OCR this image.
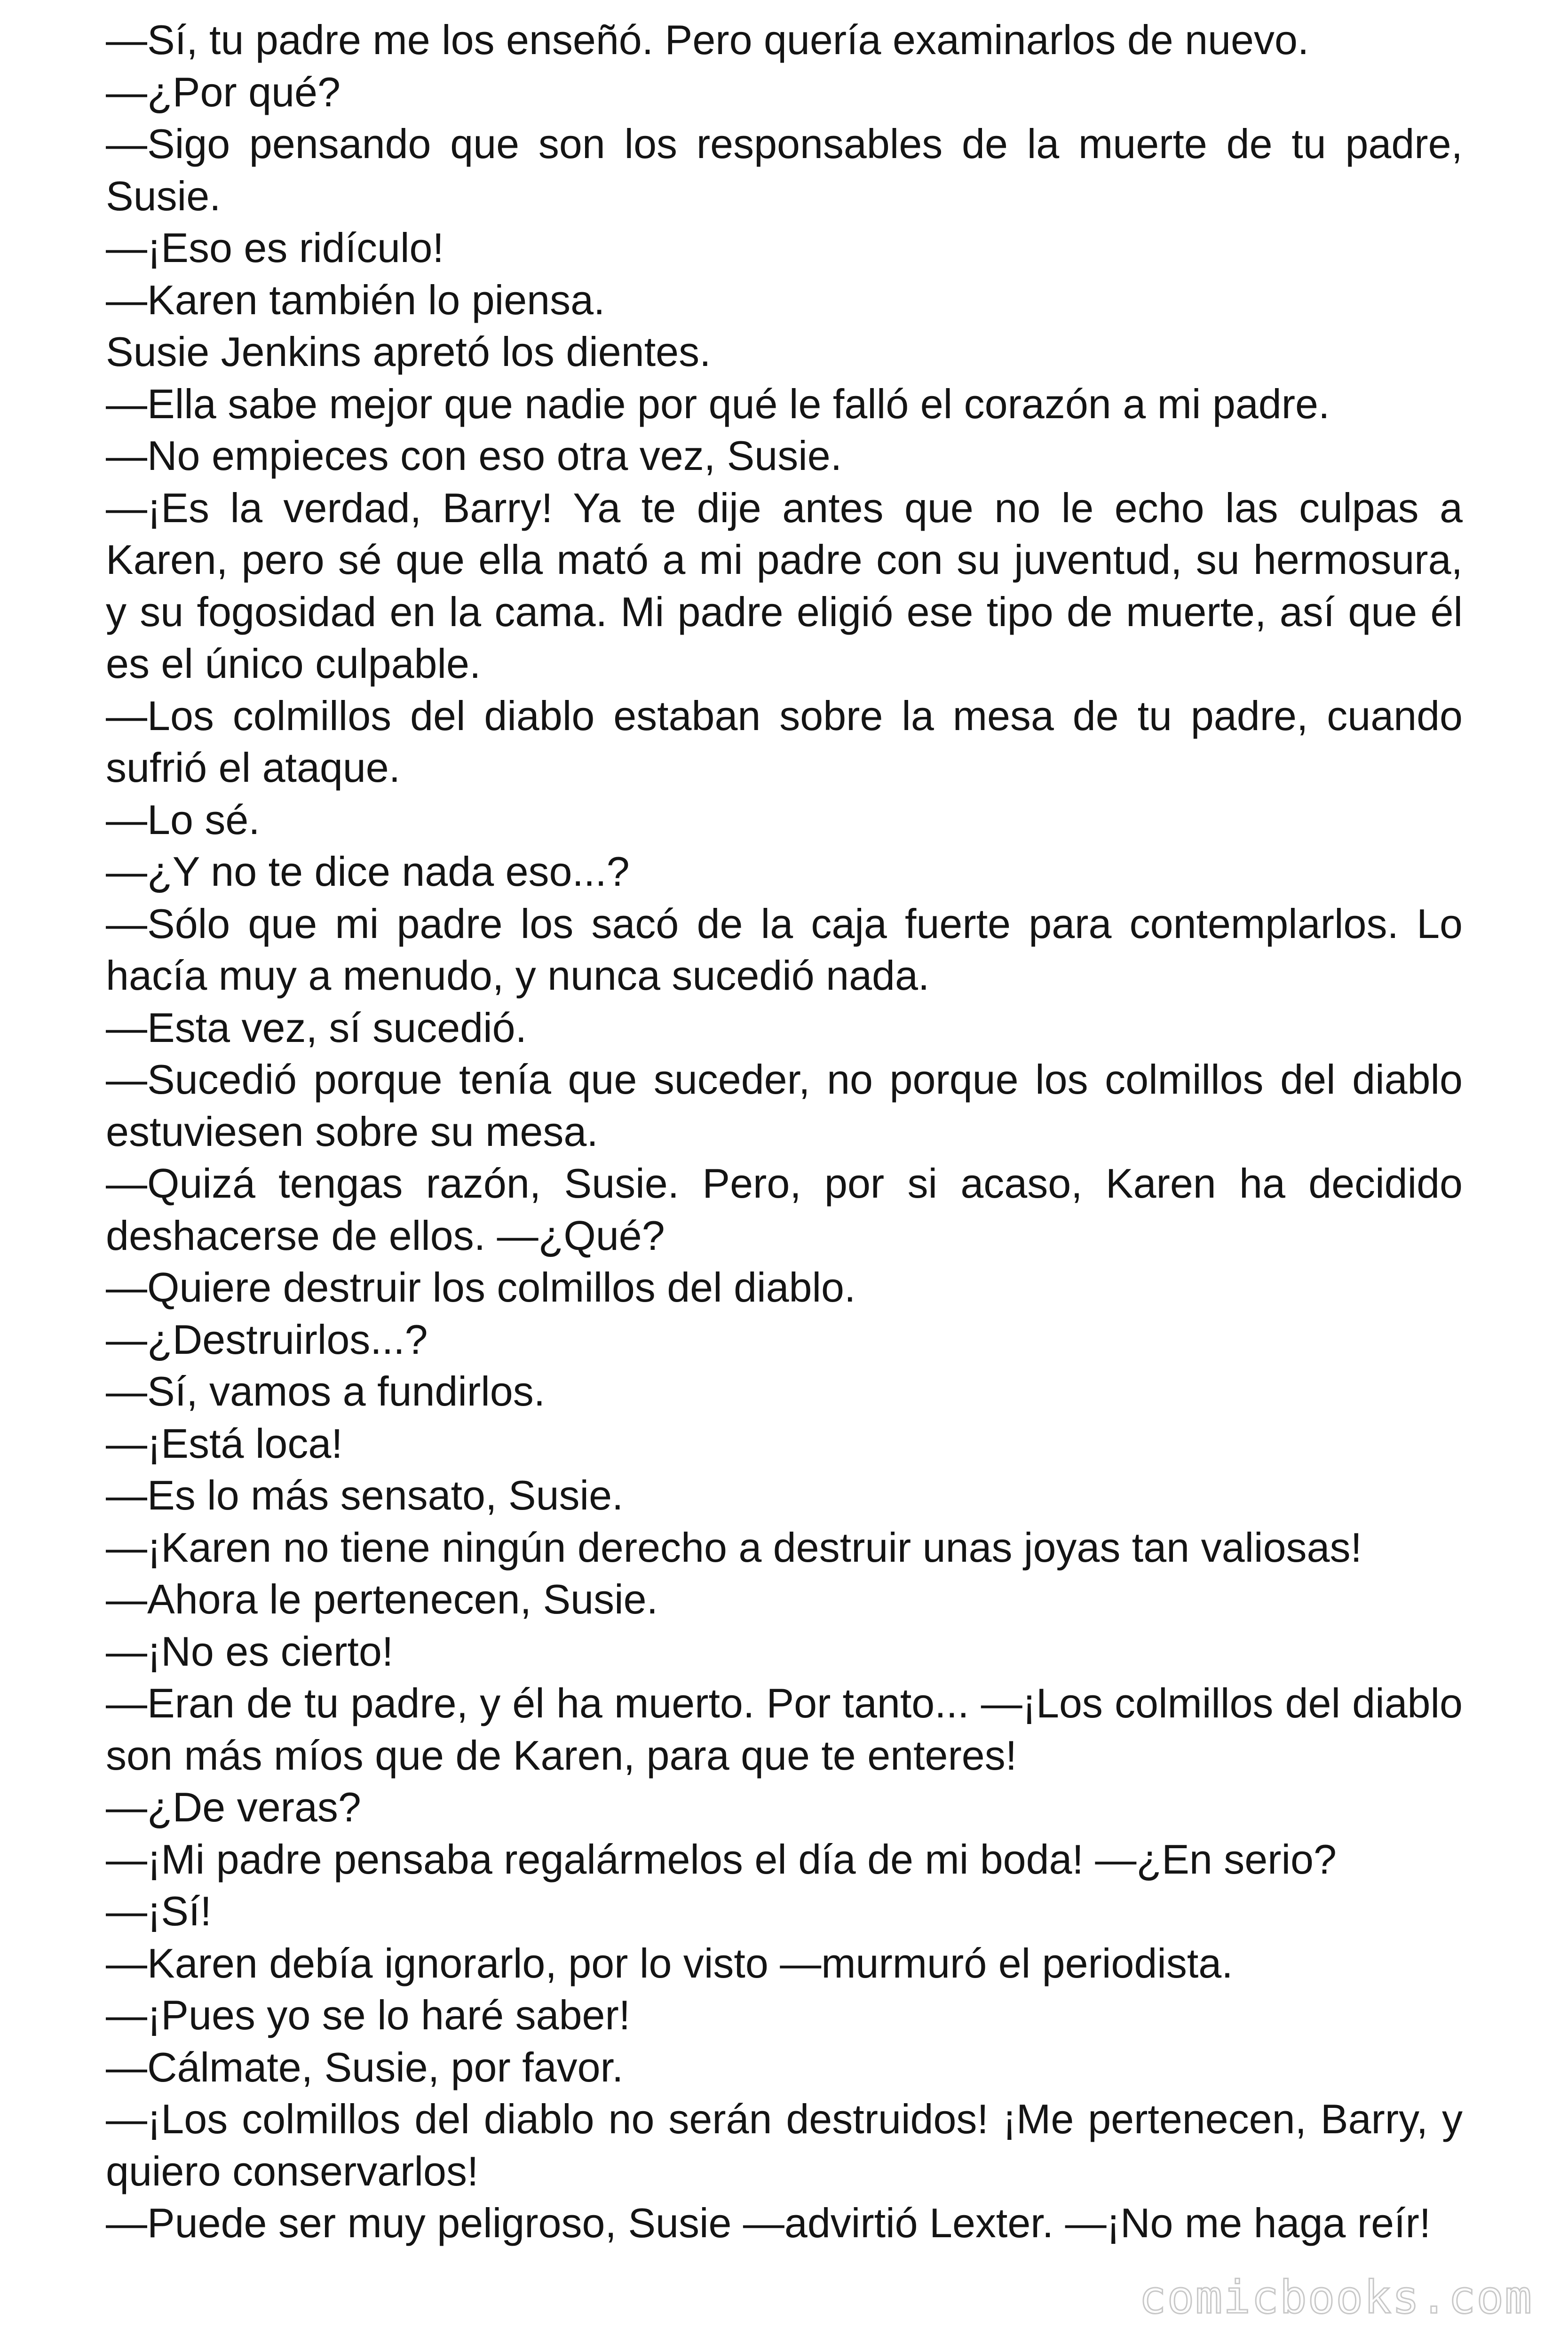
—Sí, tu padre me los enseñó. Pero quería examinarlos de nuevo.

—¿Por qué?

—Sigo pensando que son los responsables de la muerte de tu padre, Susie.

—¡Eso es ridículo!

—Karen también lo piensa.

Susie Jenkins apretó los dientes.

—Ella sabe mejor que nadie por qué le falló el corazón a mi padre.

—No empieces con eso otra vez, Susie.

—¡Es la verdad, Barry! Ya te dije antes que no le echo las culpas a Karen, pero sé que ella mató a mi padre con su juventud, su hermosura, y su fogosidad en la cama. Mi padre eligió ese tipo de muerte, así que él es el único culpable.

—Los colmillos del diablo estaban sobre la mesa de tu padre, cuando sufrió el ataque.

—Lo sé.

—¿Y no te dice nada eso...?

—Sólo que mi padre los sacó de la caja fuerte para contemplarlos. Lo hacía muy a menudo, y nunca sucedió nada.

—Esta vez, sí sucedió.

—Sucedió porque tenía que suceder, no porque los colmillos del diablo estuviesen sobre su mesa.

—Quizá tengas razón, Susie. Pero, por si acaso, Karen ha decidido deshacerse de ellos. —¿Qué?

—Quiere destruir los colmillos del diablo.

—¿Destruirlos...?

—Sí, vamos a fundirlos.

—¡Está loca!

—Es lo más sensato, Susie.

—¡Karen no tiene ningún derecho a destruir unas joyas tan valiosas!

—Ahora le pertenecen, Susie.

—¡No es cierto!

—Eran de tu padre, y él ha muerto. Por tanto... —¡Los colmillos del diablo son más míos que de Karen, para que te enteres!

—¿De veras?

—¡Mi padre pensaba regalármelos el día de mi boda! —¿En serio?

—¡Sí!

—Karen debía ignorarlo, por lo visto —murmuró el periodista.

—¡Pues yo se lo haré saber!

—Cálmate, Susie, por favor.

—¡Los colmillos del diablo no serán destruidos! ¡Me pertenecen, Barry, y quiero conservarlos!

—Puede ser muy peligroso, Susie —advirtió Lexter. —¡No me haga reír!

comicbooks.com
